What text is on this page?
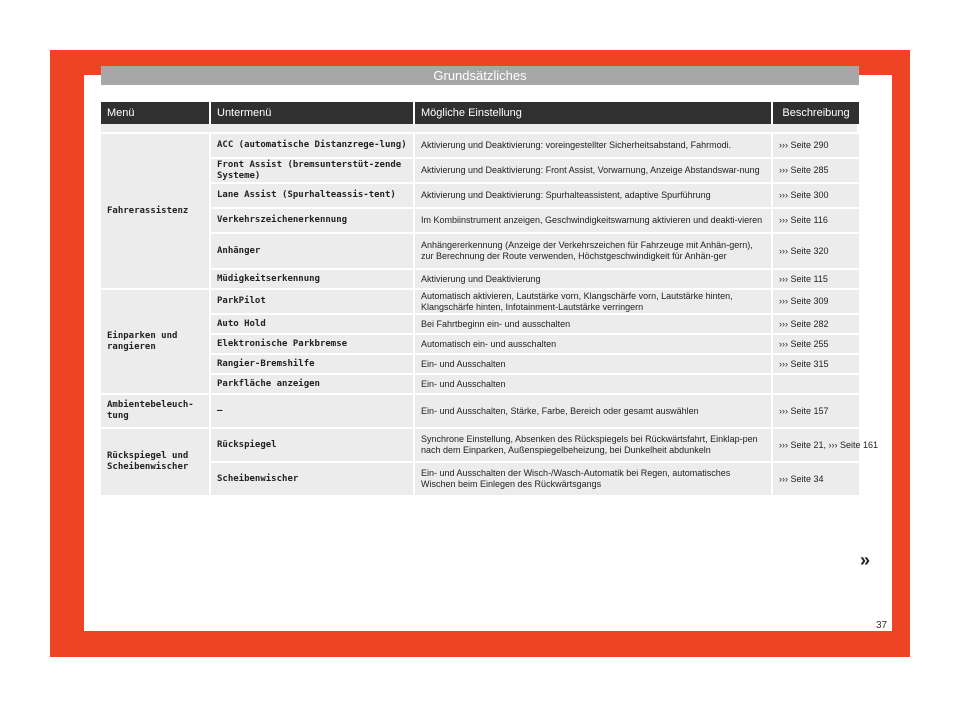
Grundsätzliches
Menü	Untermenü	Mögliche Einstellung	Beschreibung

Fahrerassistenz	ACC (automatische Distanzrege-lung)	Aktivierung und Deaktivierung: voreingestellter Sicherheitsabstand, Fahrmodi.	››› Seite 290
	Front Assist (bremsunterstüt-zende Systeme)	Aktivierung und Deaktivierung: Front Assist, Vorwarnung, Anzeige Abstandswar-nung	››› Seite 285
	Lane Assist (Spurhalteassis-tent)	Aktivierung und Deaktivierung: Spurhalteassistent, adaptive Spurführung	››› Seite 300
	Verkehrszeichenerkennung	Im Kombiinstrument anzeigen, Geschwindigkeitswarnung aktivieren und deakti-vieren	››› Seite 116
	Anhänger	Anhängererkennung (Anzeige der Verkehrszeichen für Fahrzeuge mit Anhän-gern), zur Berechnung der Route verwenden, Höchstgeschwindigkeit für Anhän-ger	››› Seite 320
	Müdigkeitserkennung	Aktivierung und Deaktivierung	››› Seite 115
Einparken und rangieren	ParkPilot	Automatisch aktivieren, Lautstärke vorn, Klangschärfe vorn, Lautstärke hinten, Klangschärfe hinten, Infotainment-Lautstärke verringern	››› Seite 309
	Auto Hold	Bei Fahrtbeginn ein- und ausschalten	››› Seite 282
	Elektronische Parkbremse	Automatisch ein- und ausschalten	››› Seite 255
	Rangier-Bremshilfe	Ein- und Ausschalten	››› Seite 315
	Parkfläche anzeigen	Ein- und Ausschalten	
Ambientebeleuch-tung	–	Ein- und Ausschalten, Stärke, Farbe, Bereich oder gesamt auswählen	››› Seite 157
Rückspiegel und Scheibenwischer	Rückspiegel	Synchrone Einstellung, Absenken des Rückspiegels bei Rückwärtsfahrt, Einklap-pen nach dem Einparken, Außenspiegelbeheizung, bei Dunkelheit abdunkeln	››› Seite 21, ››› Seite 161
	Scheibenwischer	Ein- und Ausschalten der Wisch-/Wasch-Automatik bei Regen, automatisches Wischen beim Einlegen des Rückwärtsgangs	››› Seite 34
»
37
